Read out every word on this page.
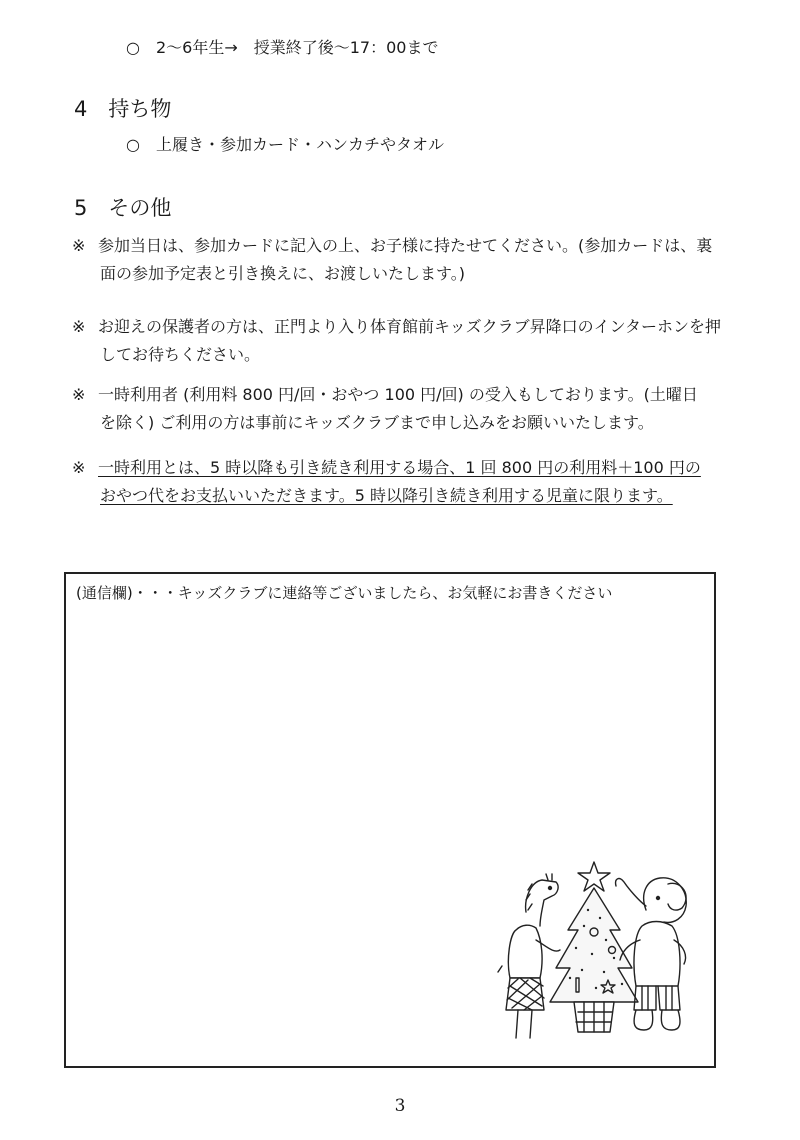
○　2～6年生→　授業終了後～17：00まで
4　持ち物
○　上履き・参加カード・ハンカチやタオル
5　その他
※ 参加当日は、参加カードに記入の上、お子様に持たせてください。(参加カードは、裏
面の参加予定表と引き換えに、お渡しいたします。)
※ お迎えの保護者の方は、正門より入り体育館前キッズクラブ昇降口のインターホンを押
してお待ちください。
※ 一時利用者 (利用料 800 円/回・おやつ 100 円/回) の受入もしております。(土曜日
を除く) ご利用の方は事前にキッズクラブまで申し込みをお願いいたします。
※ 一時利用とは、5 時以降も引き続き利用する場合、1 回 800 円の利用料＋100 円の
おやつ代をお支払いいただきます。5 時以降引き続き利用する児童に限ります。
(通信欄)・・・キッズクラブに連絡等ございましたら、お気軽にお書きください
3
